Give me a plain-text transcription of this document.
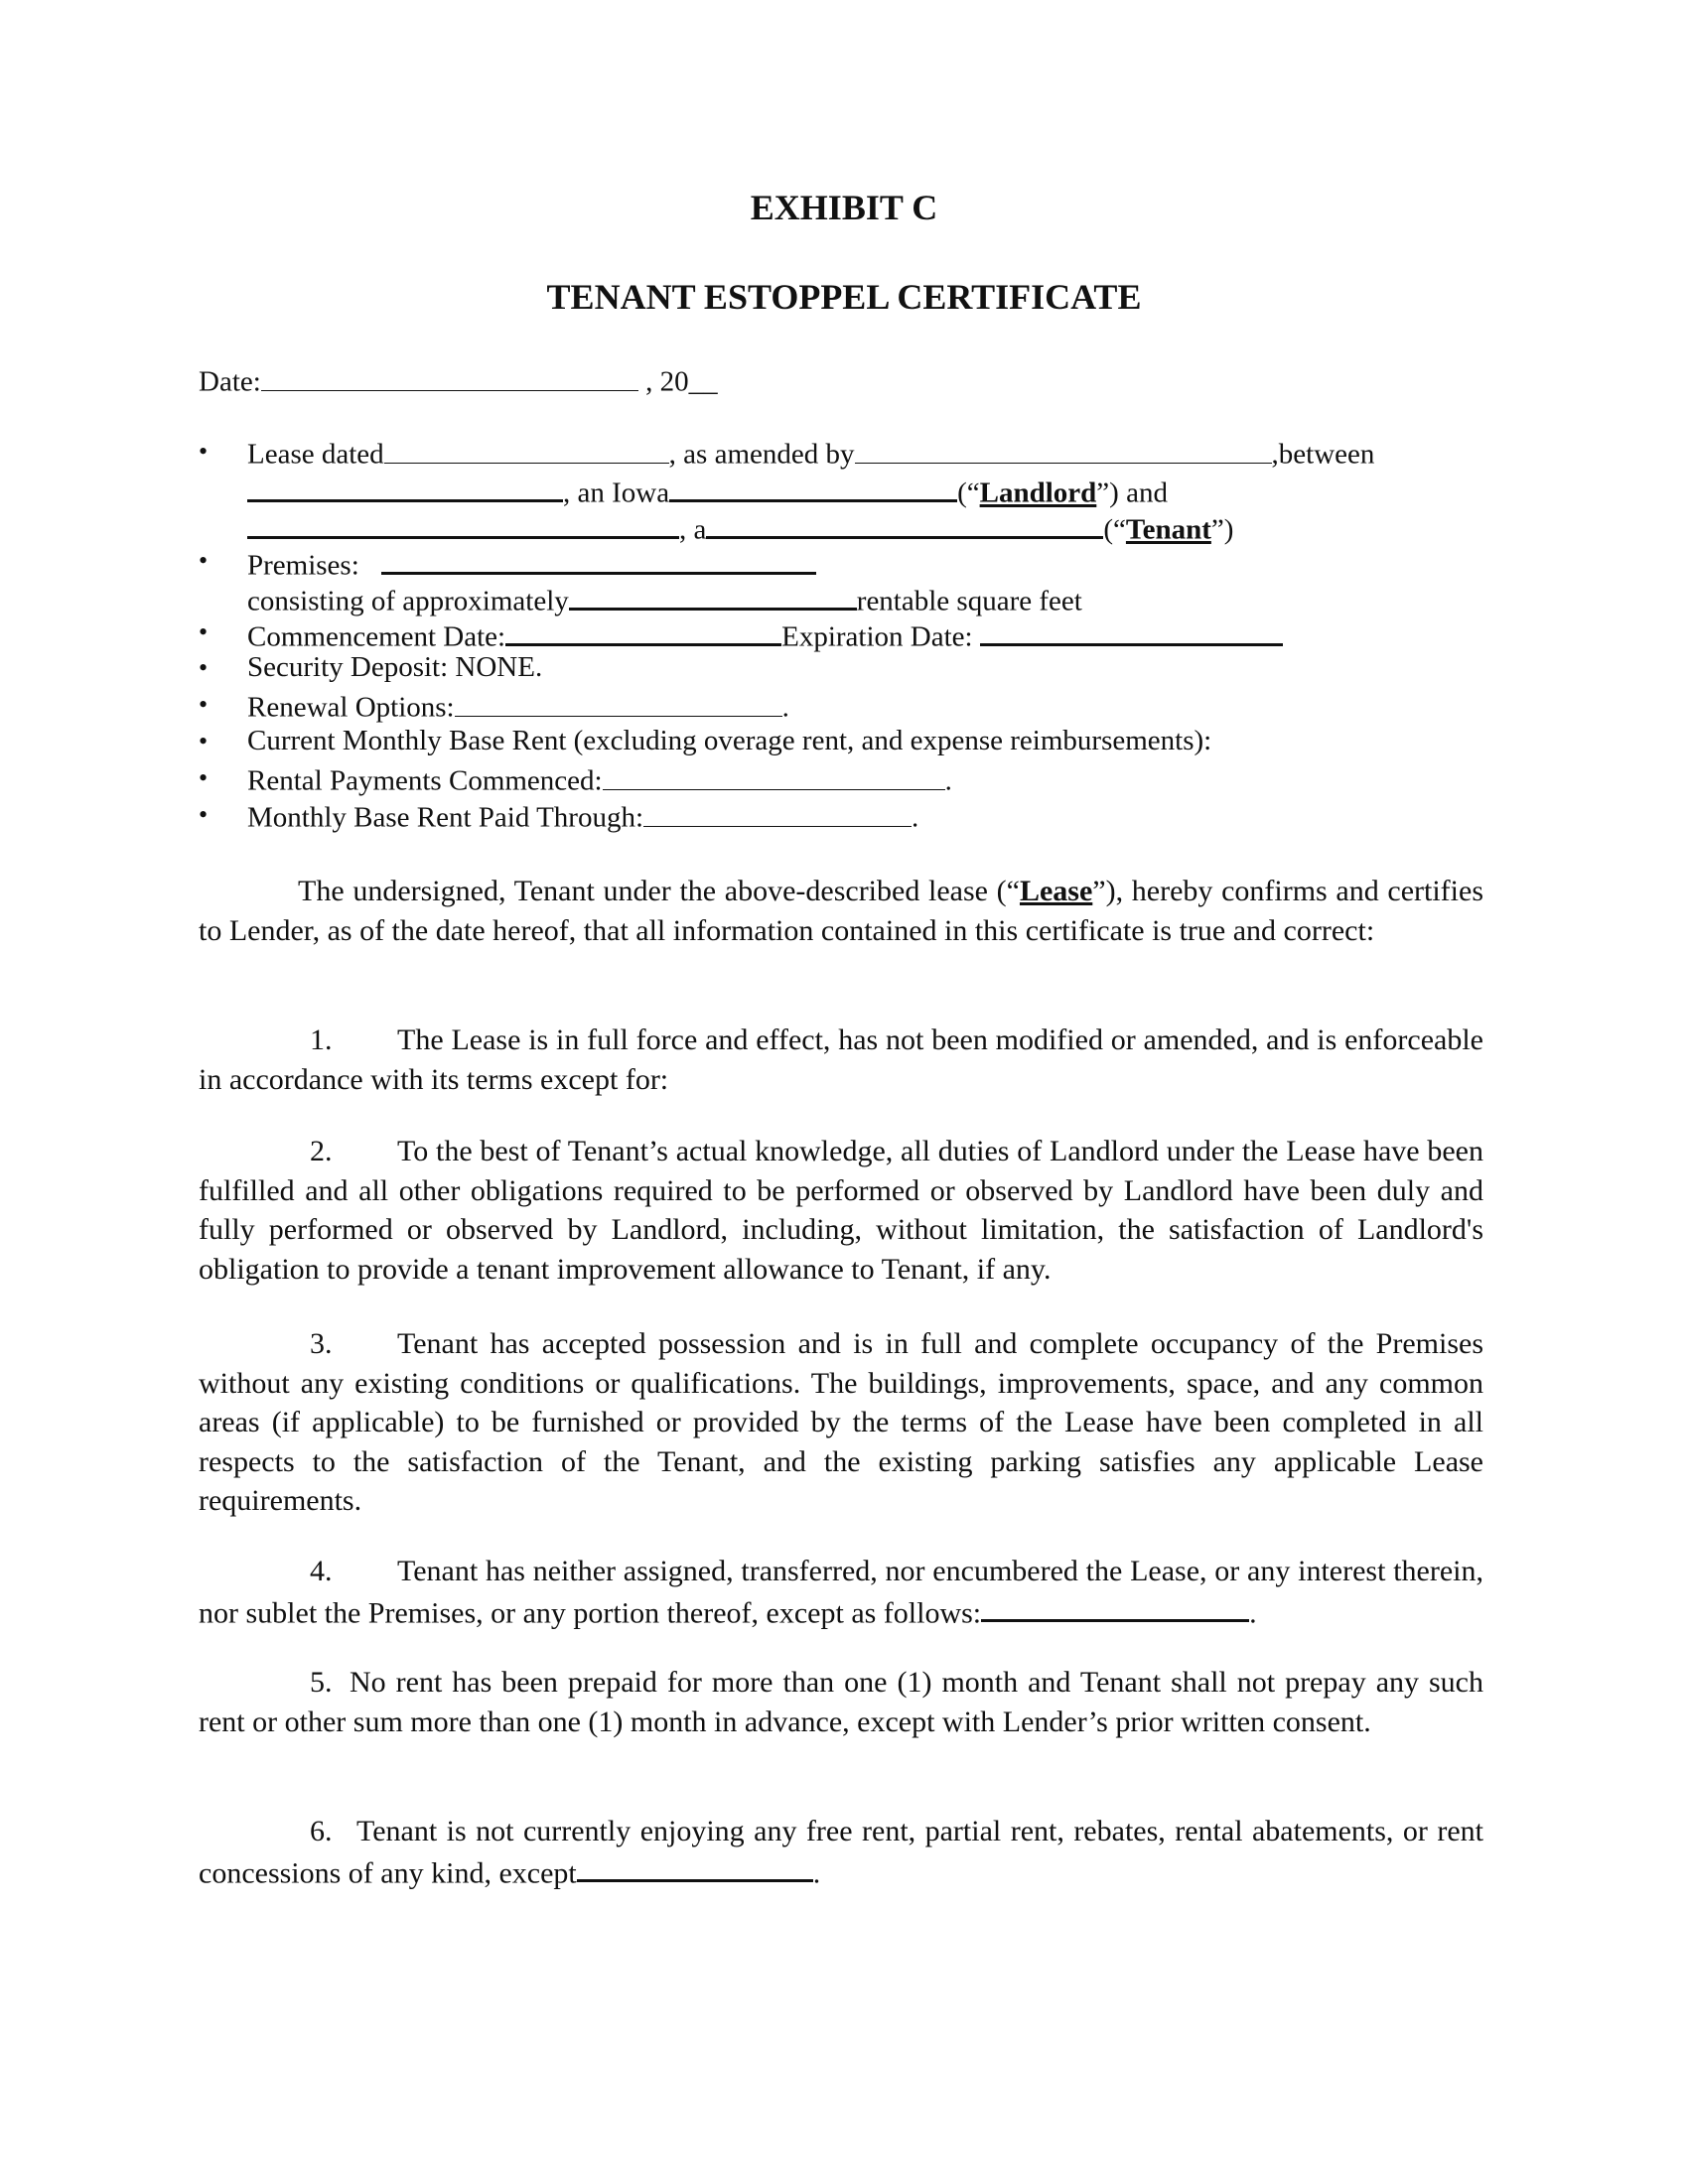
EXHIBIT C
TENANT ESTOPPEL CERTIFICATE
Date:	, 20__
• Lease dated	, as amended by	,between
, an Iowa	(“Landlord”) and
, a	(“Tenant”)
• Premises:
consisting of approximately	rentable square feet
• Commencement Date:	Expiration Date:
• Security Deposit: NONE.
• Renewal Options:	.
• Current Monthly Base Rent (excluding overage rent, and expense reimbursements):
• Rental Payments Commenced:	.
• Monthly Base Rent Paid Through:	.
The undersigned, Tenant under the above-described lease (“Lease”), hereby confirms and certifies to Lender, as of the date hereof, that all information contained in this certificate is true and correct:
1. The Lease is in full force and effect, has not been modified or amended, and is enforceable in accordance with its terms except for:
2. To the best of Tenant’s actual knowledge, all duties of Landlord under the Lease have been fulfilled and all other obligations required to be performed or observed by Landlord have been duly and fully performed or observed by Landlord, including, without limitation, the satisfaction of Landlord's obligation to provide a tenant improvement allowance to Tenant, if any.
3. Tenant has accepted possession and is in full and complete occupancy of the Premises without any existing conditions or qualifications. The buildings, improvements, space, and any common areas (if applicable) to be furnished or provided by the terms of the Lease have been completed in all respects to the satisfaction of the Tenant, and the existing parking satisfies any applicable Lease requirements.
4. Tenant has neither assigned, transferred, nor encumbered the Lease, or any interest therein, nor sublet the Premises, or any portion thereof, except as follows:	.
5. No rent has been prepaid for more than one (1) month and Tenant shall not prepay any such rent or other sum more than one (1) month in advance, except with Lender’s prior written consent.
6. Tenant is not currently enjoying any free rent, partial rent, rebates, rental abatements, or rent concessions of any kind, except	.
